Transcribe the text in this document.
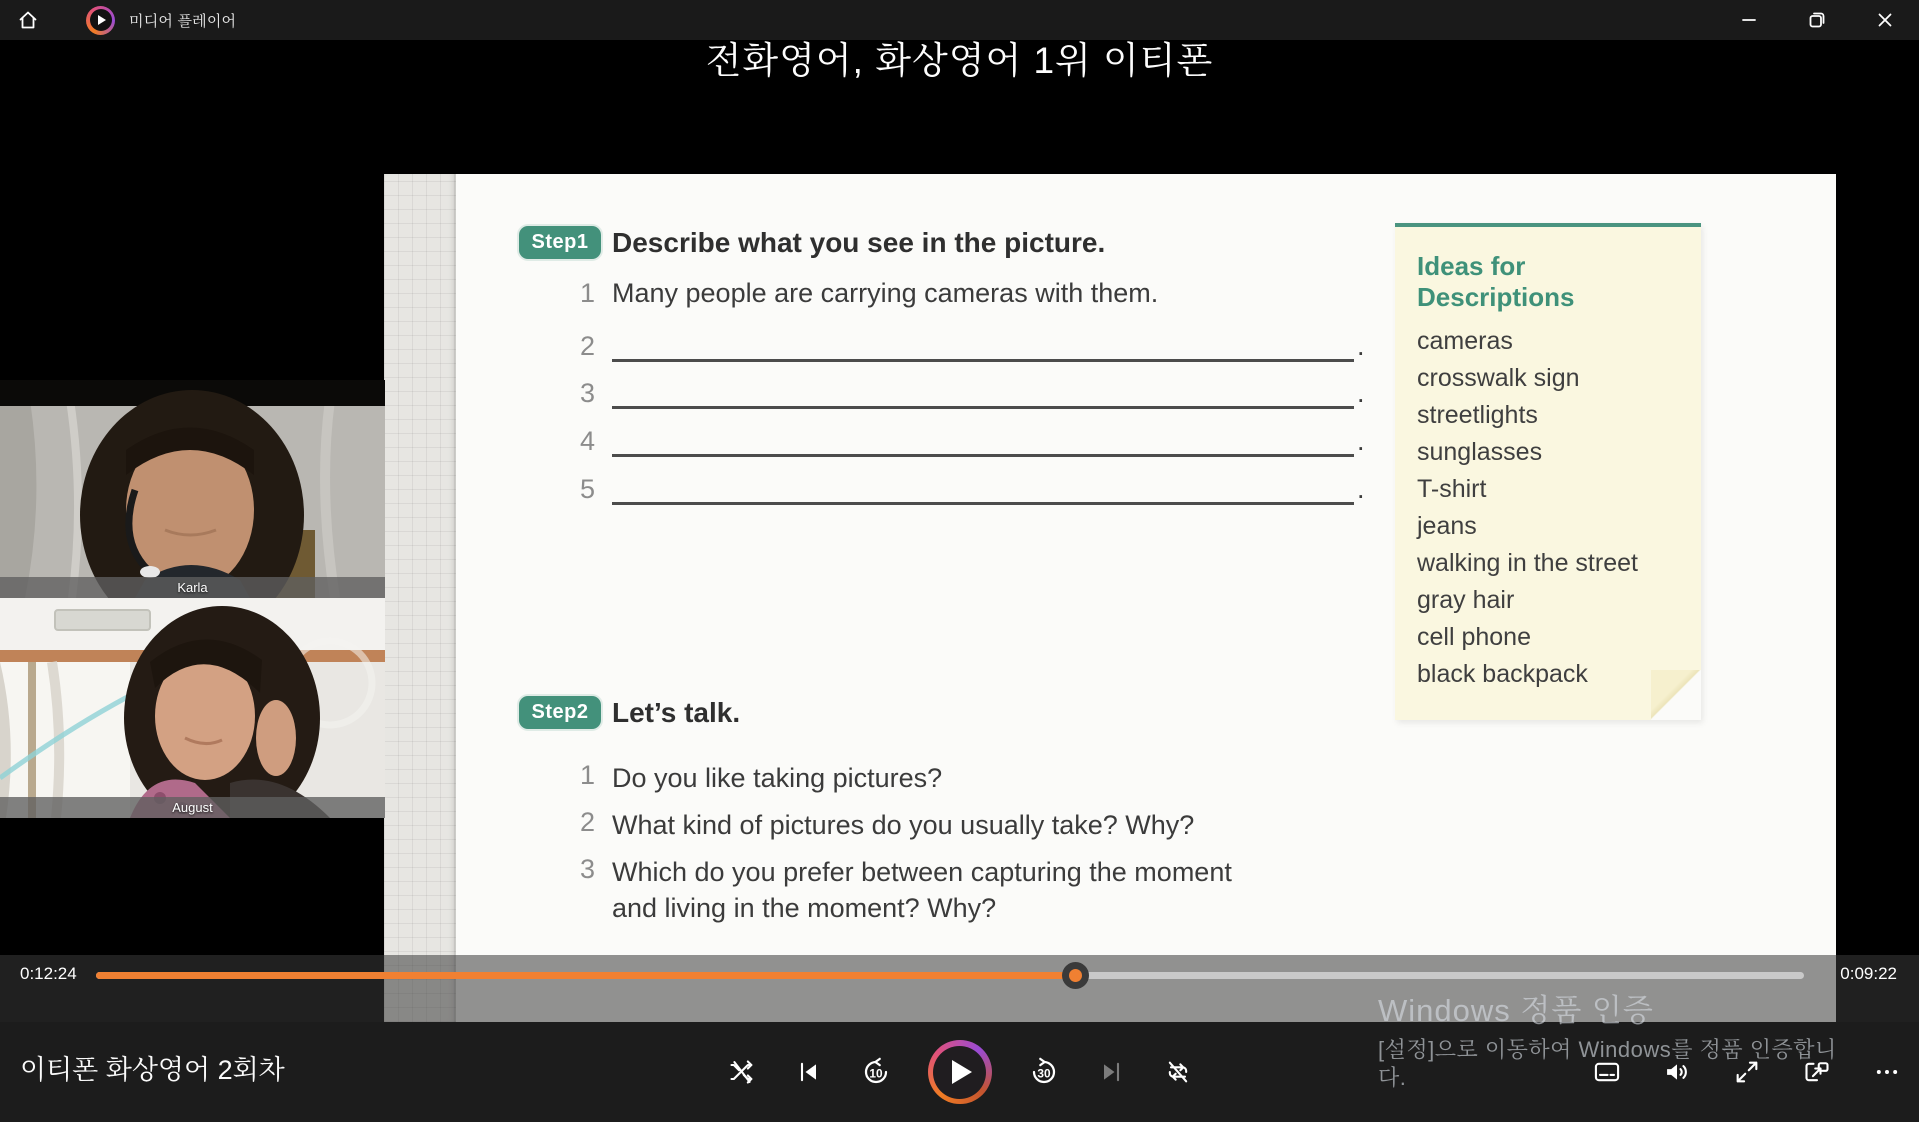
미디어 플레이어
전화영어, 화상영어 1위 이티폰
Step1 Describe what you see in the picture.
1 Many people are carrying cameras with them.
2	.
3	.
4	.
5	.
Ideas for
Descriptions
cameras
crosswalk sign
streetlights
sunglasses
T-shirt
jeans
walking in the street
gray hair
cell phone
black backpack
Step2 Let’s talk.
1 Do you like taking pictures?
2 What kind of pictures do you usually take? Why?
3 Which do you prefer between capturing the moment and living in the moment? Why?
Karla
August
0:12:24	0:09:22
이티폰 화상영어 2회차	10	30
Windows 정품 인증
[설정]으로 이동하여 Windows를 정품 인증합니
다.
